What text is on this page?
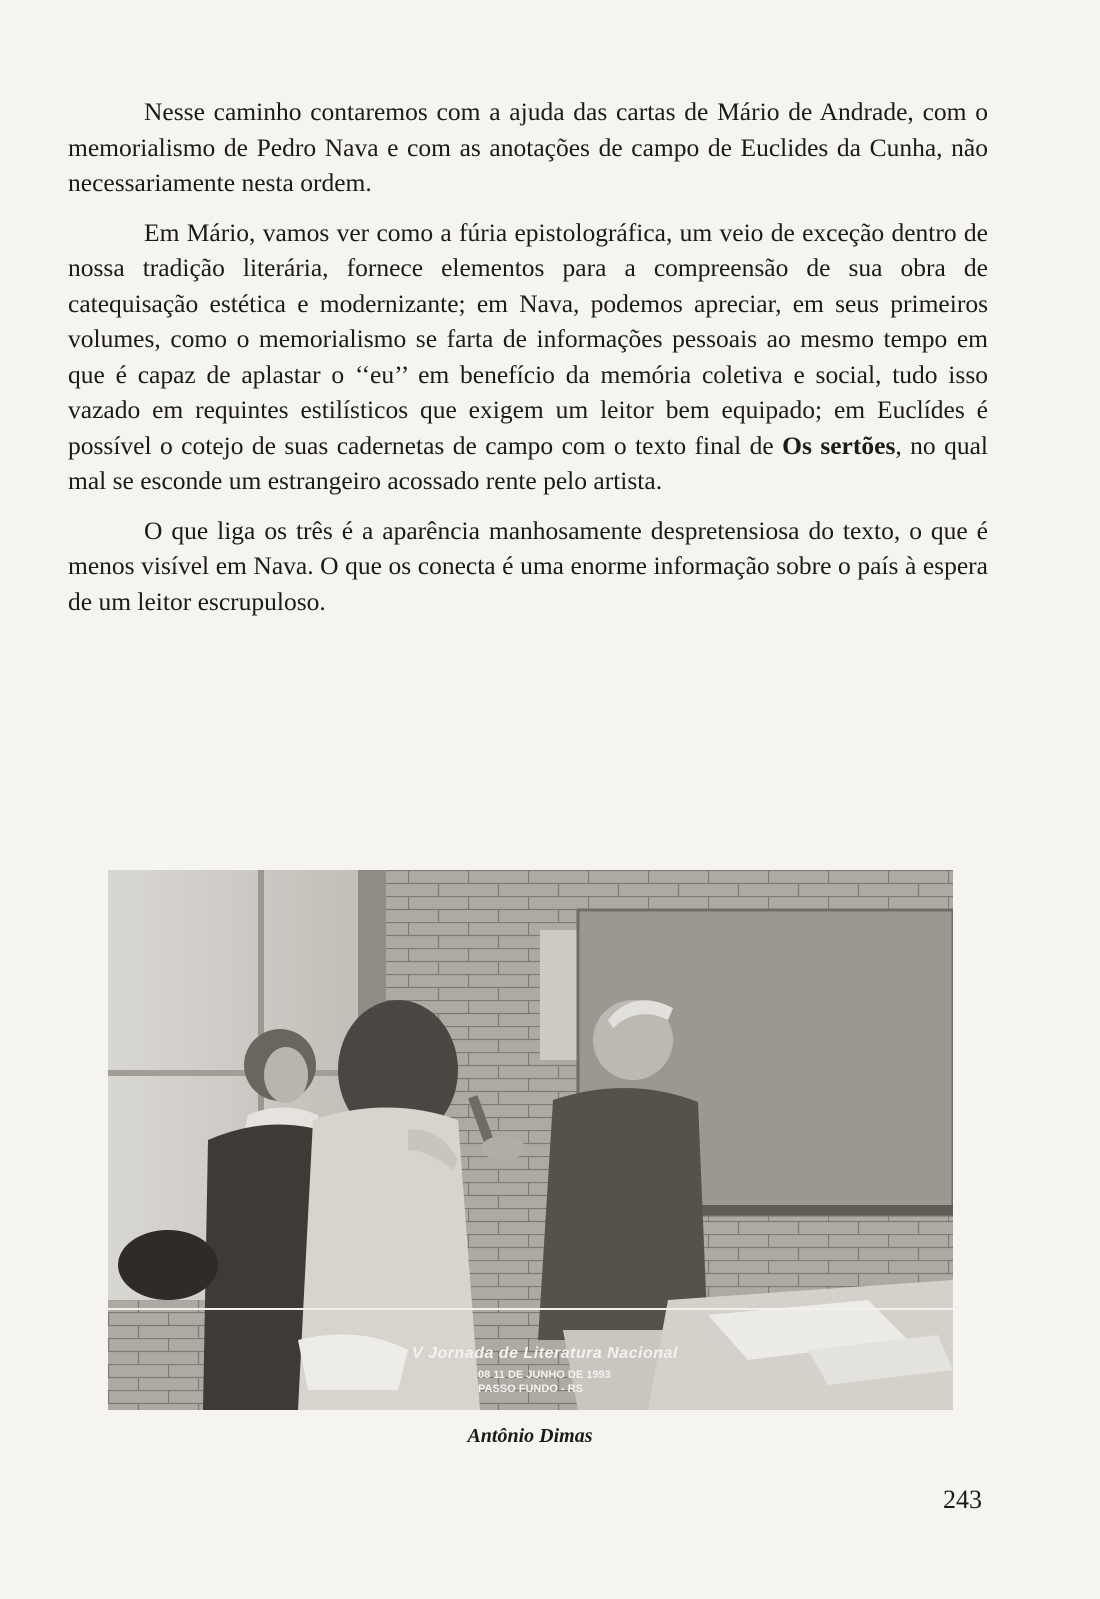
Nesse caminho contaremos com a ajuda das cartas de Mário de Andrade, com o memorialismo de Pedro Nava e com as anotações de campo de Euclides da Cunha, não necessariamente nesta ordem.

Em Mário, vamos ver como a fúria epistolográfica, um veio de exceção dentro de nossa tradição literária, fornece elementos para a compreensão de sua obra de catequisação estética e modernizante; em Nava, podemos apreciar, em seus primeiros volumes, como o memorialismo se farta de informações pessoais ao mesmo tempo em que é capaz de aplastar o ‘‘eu’’ em benefício da memória coletiva e social, tudo isso vazado em requintes estilísticos que exigem um leitor bem equipado; em Euclídes é possível o cotejo de suas cadernetas de campo com o texto final de Os sertões, no qual mal se esconde um estrangeiro acossado rente pelo artista.

O que liga os três é a aparência manhosamente despretensiosa do texto, o que é menos visível em Nava. O que os conecta é uma enorme informação sobre o país à espera de um leitor escrupuloso.

V Jornada de Literatura Nacional
08 11 DE JUNHO DE 1993
PASSO FUNDO - RS
Antônio Dimas
243
